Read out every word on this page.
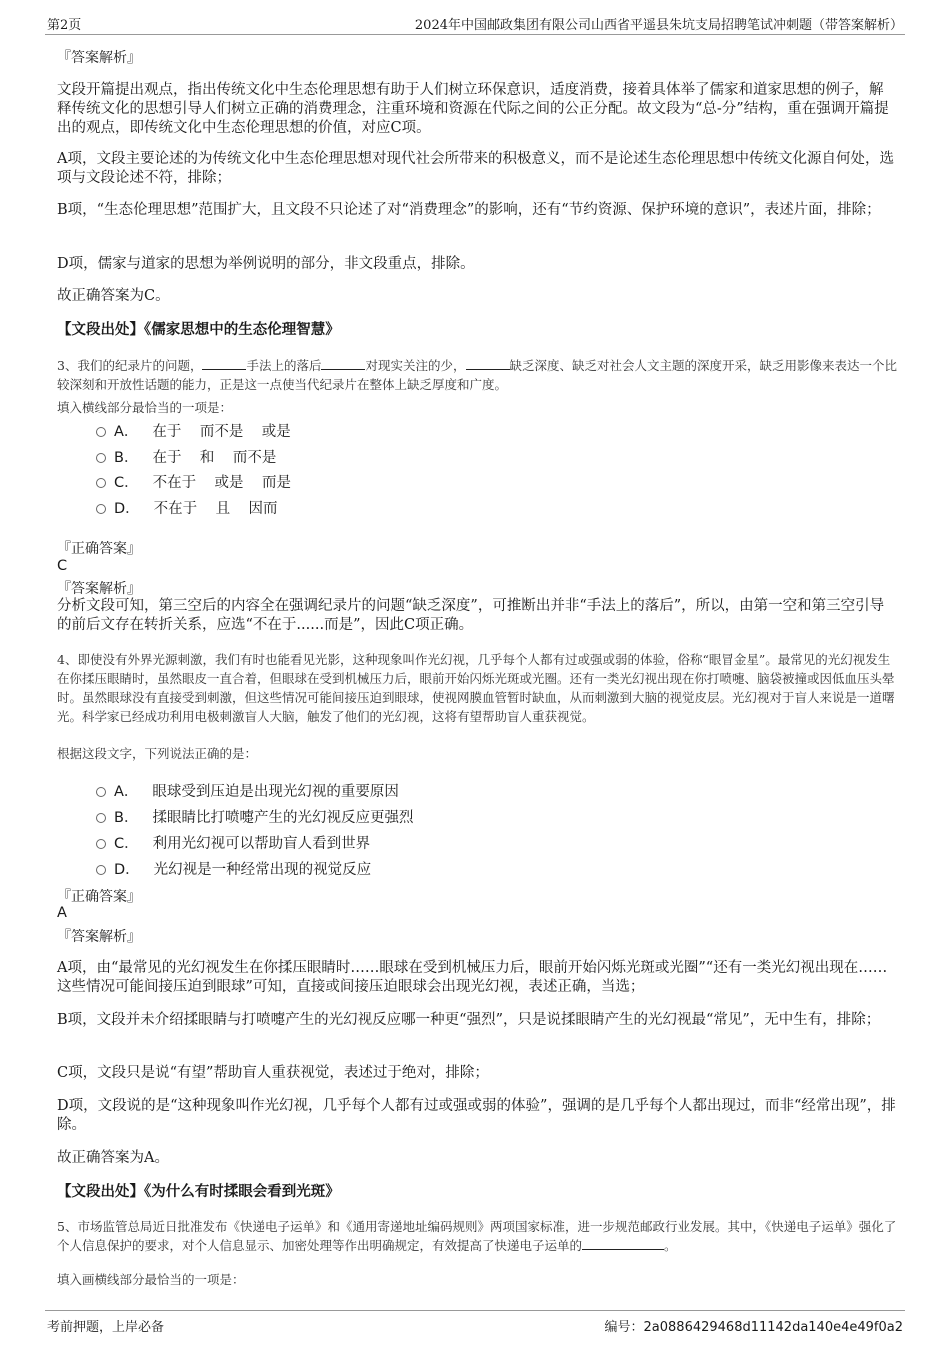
第2页	2024年中国邮政集团有限公司山西省平遥县朱坑支局招聘笔试冲刺题（带答案解析）

『答案解析』

文段开篇提出观点，指出传统文化中生态伦理思想有助于人们树立环保意识，适度消费，接着具体举了儒家和道家思想的例子，解释传统文化的思想引导人们树立正确的消费理念，注重环境和资源在代际之间的公正分配。故文段为“总-分”结构，重在强调开篇提出的观点，即传统文化中生态伦理思想的价值，对应C项。

A项，文段主要论述的为传统文化中生态伦理思想对现代社会所带来的积极意义，而不是论述生态伦理思想中传统文化源自何处，选项与文段论述不符，排除；

B项，“生态伦理思想”范围扩大，且文段不只论述了对“消费理念”的影响，还有“节约资源、保护环境的意识”，表述片面，排除；

D项，儒家与道家的思想为举例说明的部分，非文段重点，排除。

故正确答案为C。

【文段出处】《儒家思想中的生态伦理智慧》

3、我们的纪录片的问题，	手法上的落后	对现实关注的少，	缺乏深度、缺乏对社会人文主题的深度开采，缺乏用影像来表达一个比较深刻和开放性话题的能力，正是这一点使当代纪录片在整体上缺乏厚度和广度。

填入横线部分最恰当的一项是：

A． 在于    而不是    或是
B． 在于    和    而不是
C． 不在于    或是    而是
D． 不在于    且    因而

『正确答案』

C

『答案解析』

分析文段可知，第三空后的内容全在强调纪录片的问题“缺乏深度”，可推断出并非“手法上的落后”，所以，由第一空和第三空引导的前后文存在转折关系，应选“不在于......而是”，因此C项正确。

4、即使没有外界光源刺激，我们有时也能看见光影，这种现象叫作光幻视，几乎每个人都有过或强或弱的体验，俗称“眼冒金星”。最常见的光幻视发生在你揉压眼睛时，虽然眼皮一直合着，但眼球在受到机械压力后，眼前开始闪烁光斑或光圈。还有一类光幻视出现在你打喷嚏、脑袋被撞或因低血压头晕时。虽然眼球没有直接受到刺激，但这些情况可能间接压迫到眼球，使视网膜血管暂时缺血，从而刺激到大脑的视觉皮层。光幻视对于盲人来说是一道曙光。科学家已经成功利用电极刺激盲人大脑，触发了他们的光幻视，这将有望帮助盲人重获视觉。

根据这段文字，下列说法正确的是：

A． 眼球受到压迫是出现光幻视的重要原因
B． 揉眼睛比打喷嚏产生的光幻视反应更强烈
C． 利用光幻视可以帮助盲人看到世界
D． 光幻视是一种经常出现的视觉反应

『正确答案』

A

『答案解析』

A项，由“最常见的光幻视发生在你揉压眼睛时……眼球在受到机械压力后，眼前开始闪烁光斑或光圈”“还有一类光幻视出现在……这些情况可能间接压迫到眼球”可知，直接或间接压迫眼球会出现光幻视，表述正确，当选；

B项，文段并未介绍揉眼睛与打喷嚏产生的光幻视反应哪一种更“强烈”，只是说揉眼睛产生的光幻视最“常见”，无中生有，排除；

C项，文段只是说“有望”帮助盲人重获视觉，表述过于绝对，排除；

D项，文段说的是“这种现象叫作光幻视，几乎每个人都有过或强或弱的体验”，强调的是几乎每个人都出现过，而非“经常出现”，排除。

故正确答案为A。

【文段出处】《为什么有时揉眼会看到光斑》

5、市场监管总局近日批准发布《快递电子运单》和《通用寄递地址编码规则》两项国家标准，进一步规范邮政行业发展。其中，《快递电子运单》强化了个人信息保护的要求，对个人信息显示、加密处理等作出明确规定，有效提高了快递电子运单的	。

填入画横线部分最恰当的一项是：

考前押题，上岸必备	编号：2a0886429468d11142da140e4e49f0a2
